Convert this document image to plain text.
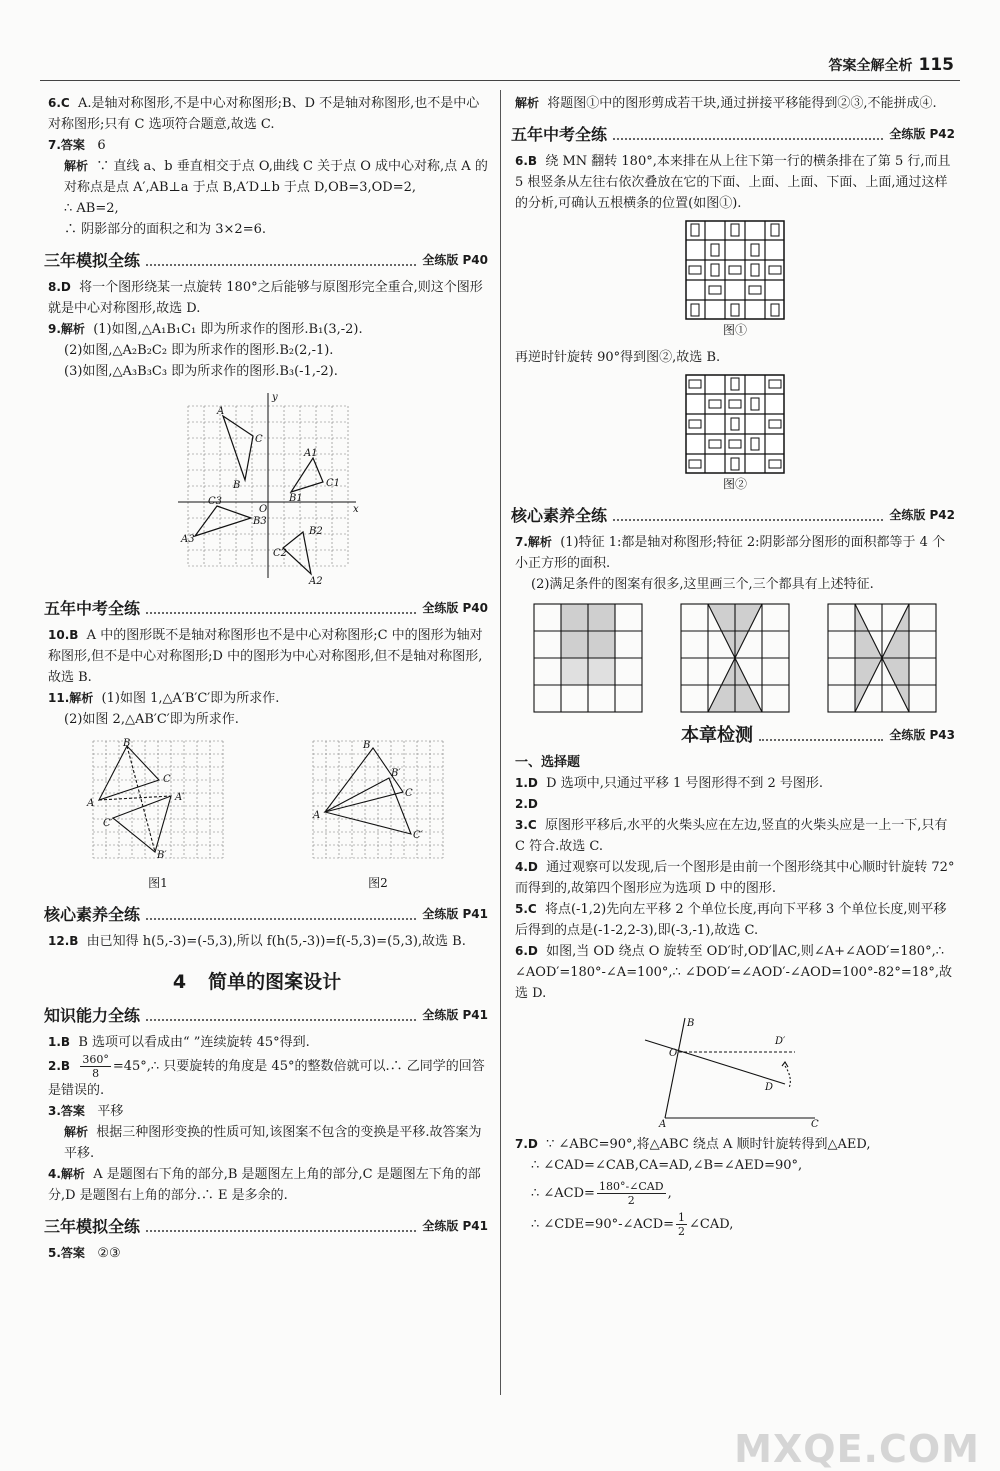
答案全解全析 115

6.C A.是轴对称图形,不是中心对称图形;B、D 不是轴对称图形,也不是中心对称图形;只有 C 选项符合题意,故选 C.

7.答案 6

解析 ∵ 直线 a、b 垂直相交于点 O,曲线 C 关于点 O 成中心对称,点 A 的对称点是点 A′,AB⊥a 于点 B,A′D⊥b 于点 D,OB=3,OD=2,

∴ AB=2,

∴ 阴影部分的面积之和为 3×2=6.

三年模拟全练	全练版 P40

8.D 将一个图形绕某一点旋转 180°之后能够与原图形完全重合,则这个图形就是中心对称图形,故选 D.

9.解析 (1)如图,△A₁B₁C₁ 即为所求作的图形.B₁(3,-2).

(2)如图,△A₂B₂C₂ 即为所求作的图形.B₂(2,-1).

(3)如图,△A₃B₃C₃ 即为所求作的图形.B₃(-1,-2).

A
C
B
A1
C1
B1
A2
B2
C2
A3
B3
C3
O	x
y
五年中考全练	全练版 P40

10.B A 中的图形既不是轴对称图形也不是中心对称图形;C 中的图形为轴对称图形,但不是中心对称图形;D 中的图形为中心对称图形,但不是轴对称图形,故选 B.

11.解析 (1)如图 1,△A′B′C′即为所求作.

(2)如图 2,△AB′C′即为所求作.

B
C
A
A′
C′
B′
图1
B
C
A
B′
C′
图2
核心素养全练	全练版 P41

12.B 由已知得 h(5,-3)=(-5,3),所以 f(h(5,-3))=f(-5,3)=(5,3),故选 B.

4 简单的图案设计
知识能力全练	全练版 P41

1.B B 选项可以看成由“ ”连续旋转 45°得到.

$2.B \frac{360^\circ}{8}$ =45°,∴ 只要旋转的角度是 45°的整数倍就可以.∴ 乙同学的回答是错误的.

3.答案 平移

解析 根据三种图形变换的性质可知,该图案不包含的变换是平移.故答案为平移.

4.解析 A 是题图右下角的部分,B 是题图左上角的部分,C 是题图左下角的部分,D 是题图右上角的部分.∴ E 是多余的.

三年模拟全练	全练版 P41

5.答案 ②③

解析 将题图①中的图形剪成若干块,通过拼接平移能得到②③,不能拼成④.

五年中考全练	全练版 P42

6.B 绕 MN 翻转 180°,本来排在从上往下第一行的横条排在了第 5 行,而且 5 根竖条从左往右依次叠放在它的下面、上面、上面、下面、上面,通过这样的分析,可确认五根横条的位置(如图①).

图①

再逆时针旋转 90°得到图②,故选 B.

图②
核心素养全练	全练版 P42

7.解析 (1)特征 1:都是轴对称图形;特征 2:阴影部分图形的面积都等于 4 个小正方形的面积.

(2)满足条件的图案有很多,这里画三个,三个都具有上述特征.

本章检测	全练版 P43

一、选择题

1.D D 选项中,只通过平移 1 号图形得不到 2 号图形.

2.D

3.C 原图形平移后,水平的火柴头应在左边,竖直的火柴头应是一上一下,只有 C 符合.故选 C.

4.D 通过观察可以发现,后一个图形是由前一个图形绕其中心顺时针旋转 72°而得到的,故第四个图形应为选项 D 中的图形.

5.C 将点(-1,2)先向左平移 2 个单位长度,再向下平移 3 个单位长度,则平移后得到的点是(-1-2,2-3),即(-3,-1),故选 C.

6.D 如图,当 OD 绕点 O 旋转至 OD′时,OD′∥AC,则∠A+∠AOD′=180°,∴ ∠AOD′=180°-∠A=100°,∴ ∠DOD′=∠AOD′-∠AOD=100°-82°=18°,故选 D.

A	C
B
O
D
D′

7.D ∵ ∠ABC=90°,将△ABC 绕点 A 顺时针旋转得到△AED,

∴ ∠CAD=∠CAB,CA=AD,∠B=∠AED=90°,

∴ ∠ACD= $\frac{\text{180°-∠CAD}}{2}$ ,

∴ ∠CDE=90°-∠ACD= $\frac{1}{2}$ ∠CAD,

MXQE.COM
